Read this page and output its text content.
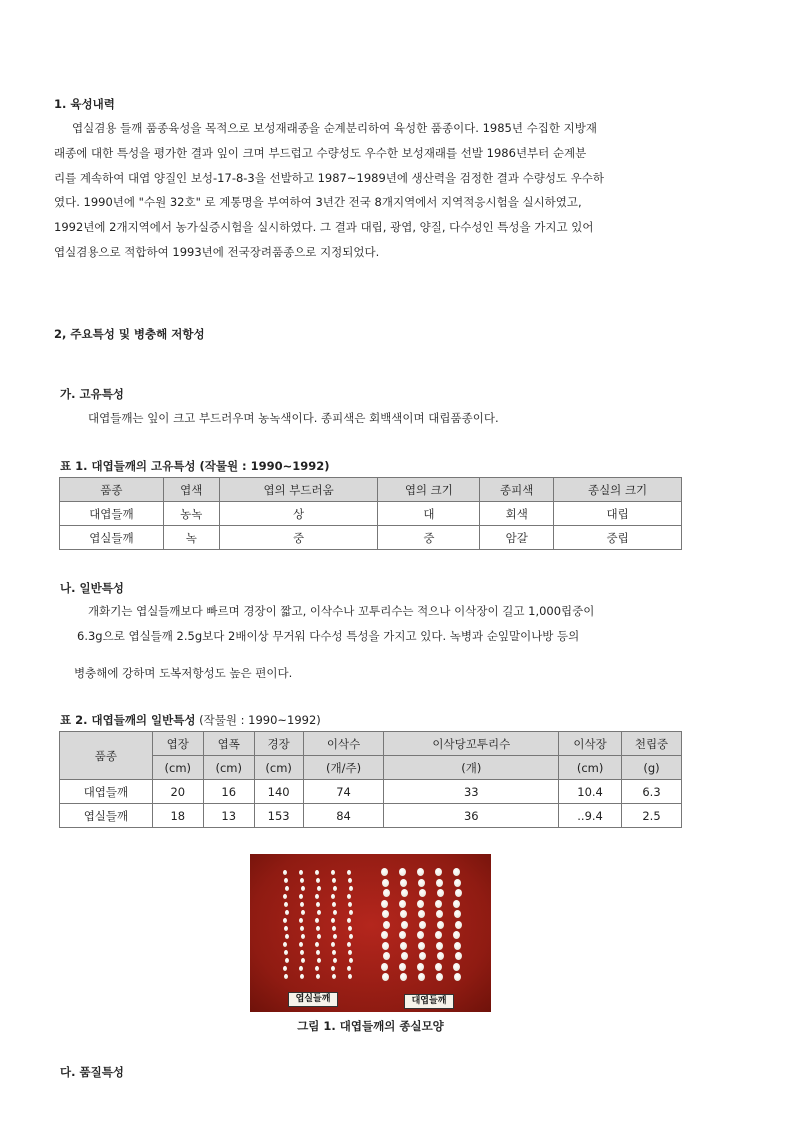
1. 육성내력
엽실겸용 들깨 품종육성을 목적으로 보성재래종을 순계분리하여 육성한 품종이다. 1985년 수집한 지방재
래종에 대한 특성을 평가한 결과 잎이 크며 부드럽고 수량성도 우수한 보성재래를 선발 1986년부터 순계분
리를 계속하여 대엽 양질인 보성-17-8-3을 선발하고 1987~1989년에 생산력을 검정한 결과 수량성도 우수하
였다. 1990년에 "수원 32호" 로 계통명을 부여하여 3년간 전국 8개지역에서 지역적응시험을 실시하였고,
1992년에 2개지역에서 농가실증시험을 실시하였다. 그 결과 대립, 광엽, 양질, 다수성인 특성을 가지고 있어
엽실겸용으로 적합하여 1993년에 전국장려품종으로 지정되었다.
2, 주요특성 및 병충해 저항성
가. 고유특성
대엽들깨는 잎이 크고 부드러우며 농녹색이다. 종피색은 회백색이며 대립품종이다.
표 1. 대엽들깨의 고유특성 (작물원 : 1990~1992)
품종	엽색	엽의 부드러움	엽의 크기	종피색	종실의 크기
대엽들깨	농녹	상	대	회색	대립
엽실들깨	녹	중	중	암갈	중립
나. 일반특성
개화기는 엽실들깨보다 빠르며 경장이 짧고, 이삭수나 꼬투리수는 적으나 이삭장이 길고 1,000립중이
6.3g으로 엽실들깨 2.5g보다 2배이상 무거워 다수성 특성을 가지고 있다. 녹병과 순잎말이나방 등의
병충해에 강하며 도복저항성도 높은 편이다.
표 2. 대엽들깨의 일반특성 (작물원 : 1990~1992)
품종	엽장	엽폭	경장	이삭수	이삭당꼬투리수	이삭장	천립중
	(cm)	(cm)	(cm)	(개/주)	(개)	(cm)	(g)
대엽들깨	20	16	140	74	33	10.4	6.3
엽실들깨	18	13	153	84	36	..9.4	2.5
엽실들깨	대엽들깨
그림 1. 대엽들깨의 종실모양
다. 품질특성
